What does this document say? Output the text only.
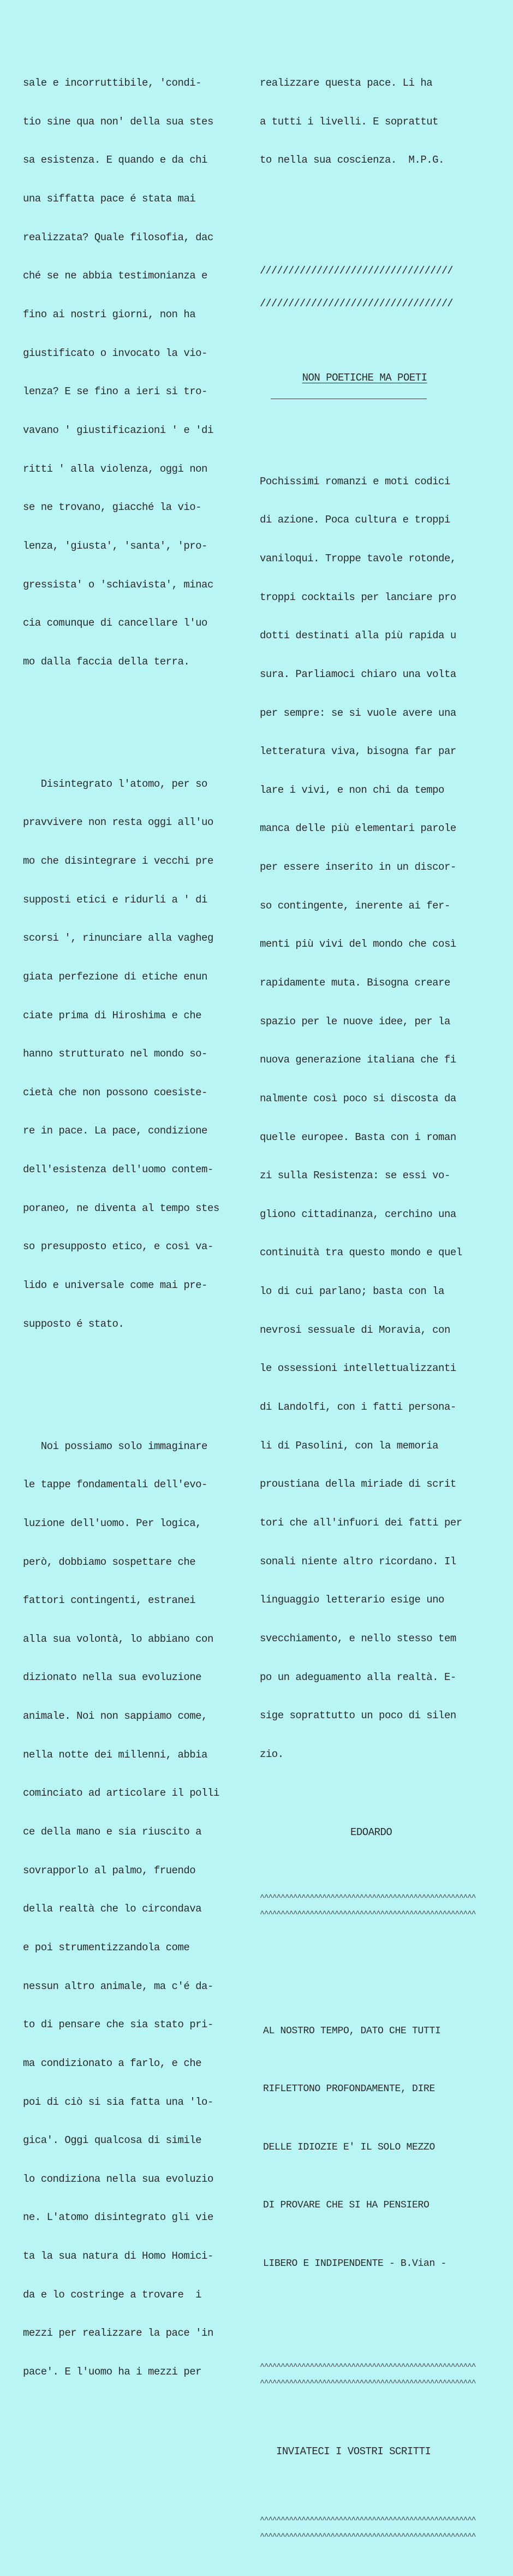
sale e incorruttibile, 'condi-

tio sine qua non' della sua stes

sa esistenza. E quando e da chi

una siffatta pace é stata mai

realizzata? Quale filosofia, dac

ché se ne abbia testimonianza e

fino ai nostri giorni, non ha

giustificato o invocato la vio-

lenza? E se fino a ieri si tro-

vavano ' giustificazioni ' e 'di

ritti ' alla violenza, oggi non

se ne trovano, giacché la vio-

lenza, 'giusta', 'santa', 'pro-

gressista' o 'schiavista', minac

cia comunque di cancellare l'uo

mo dalla faccia della terra.

Disintegrato l'atomo, per so

pravvivere non resta oggi all'uo

mo che disintegrare i vecchi pre

supposti etici e ridurli a ' di

scorsi ', rinunciare alla vagheg

giata perfezione di etiche enun

ciate prima di Hiroshima e che

hanno strutturato nel mondo so-

cietà che non possono coesiste-

re in pace. La pace, condizione

dell'esistenza dell'uomo contem-

poraneo, ne diventa al tempo stes

so presupposto etico, e così va-

lido e universale come mai pre-

supposto é stato.

Noi possiamo solo immaginare

le tappe fondamentali dell'evo-

luzione dell'uomo. Per logica,

però, dobbiamo sospettare che

fattori contingenti, estranei

alla sua volontà, lo abbiano con

dizionato nella sua evoluzione

animale. Noi non sappiamo come,

nella notte dei millenni, abbia

cominciato ad articolare il polli

ce della mano e sia riuscito a

sovrapporlo al palmo, fruendo

della realtà che lo circondava

e poi strumentizzandola come

nessun altro animale, ma c'é da-

to di pensare che sia stato pri-

ma condizionato a farlo, e che

poi di ciò si sia fatta una 'lo-

gica'. Oggi qualcosa di simile

lo condiziona nella sua evoluzio

ne. L'atomo disintegrato gli vie

ta la sua natura di Homo Homici-

da e lo costringe a trovare  i

mezzi per realizzare la pace 'in

pace'. E l'uomo ha i mezzi per

realizzare questa pace. Li ha

a tutti i livelli. E soprattut

to nella sua coscienza.  M.P.G.

//////////////////////////////////

//////////////////////////////////

NON POETICHE MA POETI

Pochissimi romanzi e moti codici

di azione. Poca cultura e troppi

vaniloqui. Troppe tavole rotonde,

troppi cocktails per lanciare pro

dotti destinati alla più rapida u

sura. Parliamoci chiaro una volta

per sempre: se si vuole avere una

letteratura viva, bisogna far par

lare i vivi, e non chi da tempo

manca delle più elementari parole

per essere inserito in un discor-

so contingente, inerente ai fer-

menti più vivi del mondo che così

rapidamente muta. Bisogna creare

spazio per le nuove idee, per la

nuova generazione italiana che fi

nalmente così poco si discosta da

quelle europee. Basta con i roman

zi sulla Resistenza: se essi vo-

gliono cittadinanza, cerchino una

continuità tra questo mondo e quel

lo di cui parlano; basta con la

nevrosi sessuale di Moravia, con

le ossessioni intellettualizzanti

di Landolfi, con i fatti persona-

li di Pasolini, con la memoria

proustiana della miriade di scrit

tori che all'infuori dei fatti per

sonali niente altro ricordano. Il

linguaggio letterario esige uno

svecchiamento, e nello stesso tem

po un adeguamento alla realtà. E-

sige soprattutto un poco di silen

zio.

EDOARDO

^^^^^^^^^^^^^^^^^^^^^^^^^^^^^^^^^^^^^^^^^^^^^^^^^^^^

^^^^^^^^^^^^^^^^^^^^^^^^^^^^^^^^^^^^^^^^^^^^^^^^^^^^

AL NOSTRO TEMPO, DATO CHE TUTTI

RIFLETTONO PROFONDAMENTE, DIRE

DELLE IDIOZIE E' IL SOLO MEZZO

DI PROVARE CHE SI HA PENSIERO

LIBERO E INDIPENDENTE - B.Vian -

^^^^^^^^^^^^^^^^^^^^^^^^^^^^^^^^^^^^^^^^^^^^^^^^^^^^

^^^^^^^^^^^^^^^^^^^^^^^^^^^^^^^^^^^^^^^^^^^^^^^^^^^^

INVIATECI I VOSTRI SCRITTI

^^^^^^^^^^^^^^^^^^^^^^^^^^^^^^^^^^^^^^^^^^^^^^^^^^^^

^^^^^^^^^^^^^^^^^^^^^^^^^^^^^^^^^^^^^^^^^^^^^^^^^^^^
